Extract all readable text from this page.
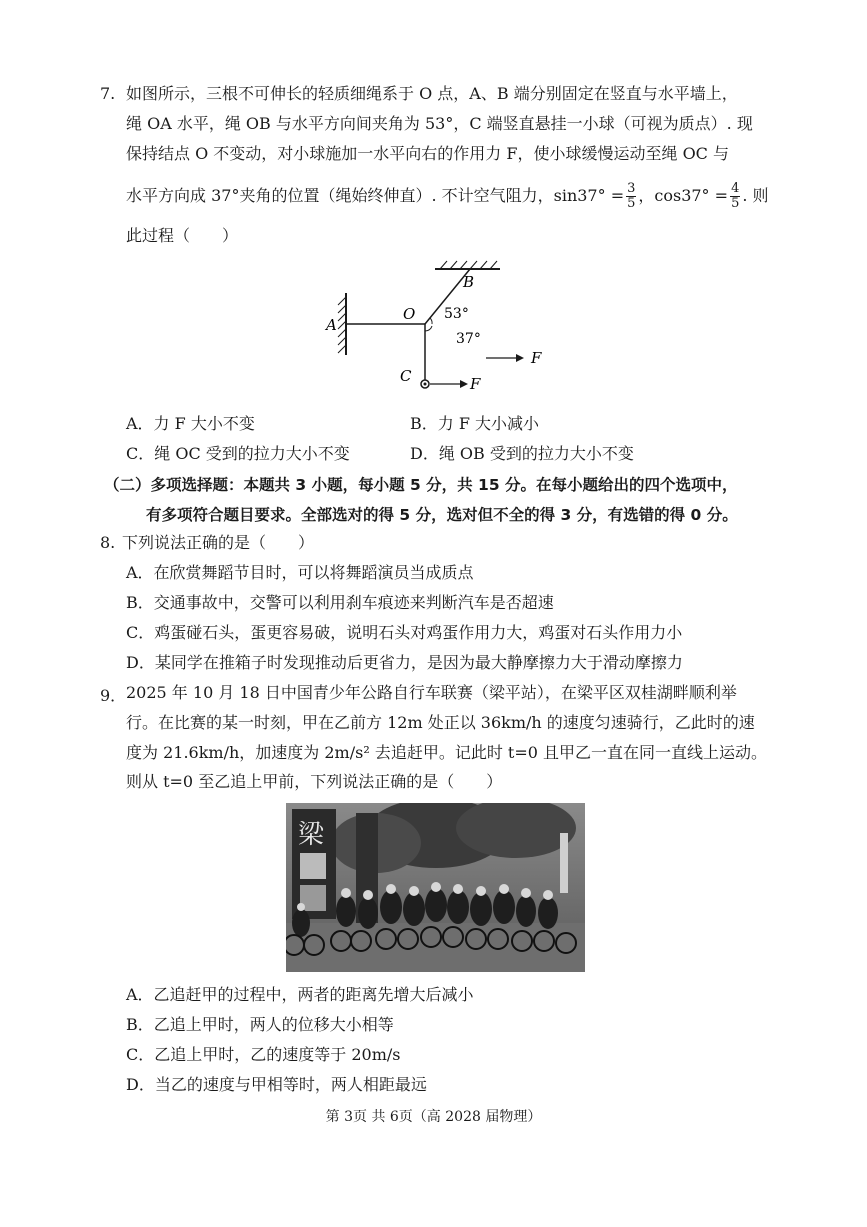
7. 如图所示，三根不可伸长的轻质细绳系于 O 点，A、B 端分别固定在竖直与水平墙上，
绳 OA 水平，绳 OB 与水平方向间夹角为 53°，C 端竖直悬挂一小球（可视为质点）. 现
保持结点 O 不变动，对小球施加一水平向右的作用力 F，使小球缓慢运动至绳 OC 与
水平方向成 37°夹角的位置（绳始终伸直）. 不计空气阻力，$\sin 37^\circ = \frac{3}{5}$ ，$\cos 37^\circ = \frac{4}{5}$ . 则
此过程（　　）
A
B
O
C
53°
37°
F
F
A．力 F 大小不变	B．力 F 大小减小
C．绳 OC 受到的拉力大小不变	D．绳 OB 受到的拉力大小不变
（二）多项选择题：本题共 3 小题，每小题 5 分，共 15 分。在每小题给出的四个选项中，
有多项符合题目要求。全部选对的得 5 分，选对但不全的得 3 分，有选错的得 0 分。
8. 下列说法正确的是（　　）
A．在欣赏舞蹈节目时，可以将舞蹈演员当成质点
B．交通事故中，交警可以利用刹车痕迹来判断汽车是否超速
C．鸡蛋碰石头，蛋更容易破，说明石头对鸡蛋作用力大，鸡蛋对石头作用力小
D．某同学在推箱子时发现推动后更省力，是因为最大静摩擦力大于滑动摩擦力
9． 2025 年 10 月 18 日中国青少年公路自行车联赛（梁平站），在梁平区双桂湖畔顺利举
行。在比赛的某一时刻，甲在乙前方 12m 处正以 36km/h 的速度匀速骑行，乙此时的速
度为 21.6km/h，加速度为 2m/s² 去追赶甲。记此时 t=0 且甲乙一直在同一直线上运动。
则从 t=0 至乙追上甲前，下列说法正确的是（　　）
梁
A．乙追赶甲的过程中，两者的距离先增大后减小
B．乙追上甲时，两人的位移大小相等
C．乙追上甲时，乙的速度等于 20m/s
D．当乙的速度与甲相等时，两人相距最远
第 3页 共 6页（高 2028 届物理）
